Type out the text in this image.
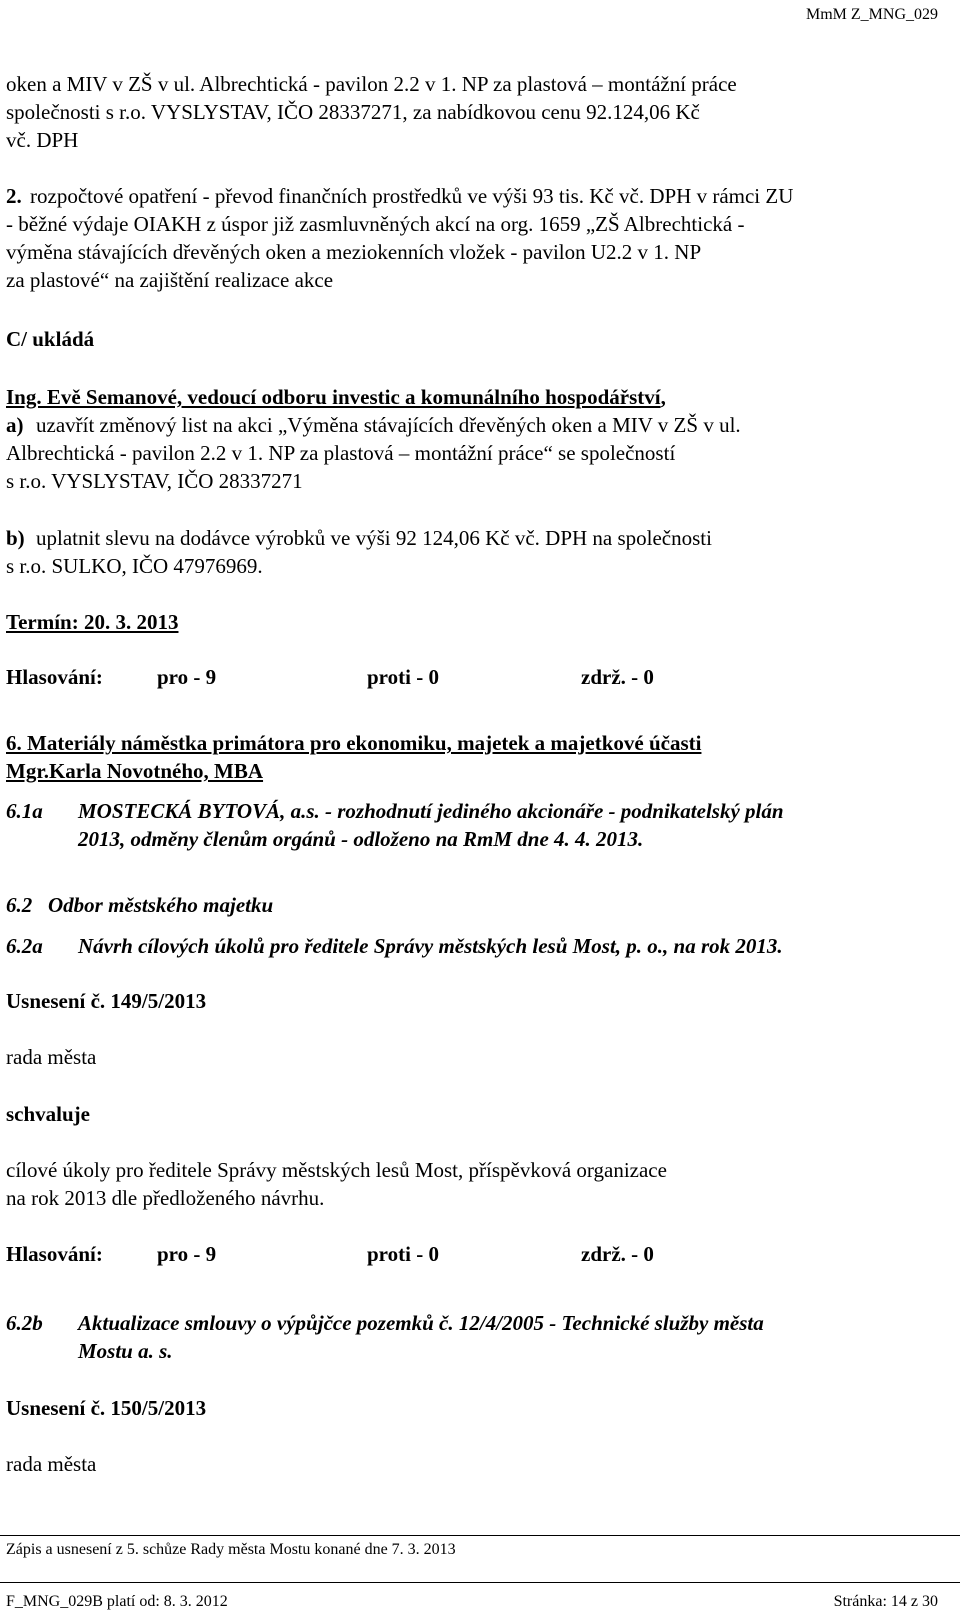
MmM Z_MNG_029
oken a MIV v ZŠ v ul. Albrechtická - pavilon 2.2 v 1. NP za plastová – montážní práce
společnosti s r.o. VYSLYSTAV, IČO 28337271, za nabídkovou cenu 92.124,06 Kč
vč. DPH
2. rozpočtové opatření - převod finančních prostředků ve výši 93 tis. Kč vč. DPH v rámci ZU
- běžné výdaje OIAKH z úspor již zasmluvněných akcí na org. 1659 „ZŠ Albrechtická -
výměna stávajících dřevěných oken a meziokenních vložek - pavilon U2.2 v 1. NP
za plastové“ na zajištění realizace akce
C/ ukládá
Ing. Evě Semanové, vedoucí odboru investic a komunálního hospodářství,
a) uzavřít změnový list na akci „Výměna stávajících dřevěných oken a MIV v ZŠ v ul.
Albrechtická - pavilon 2.2 v 1. NP za plastová – montážní práce“ se společností
s r.o. VYSLYSTAV, IČO 28337271
b) uplatnit slevu na dodávce výrobků ve výši 92 124,06 Kč vč. DPH na společnosti
s r.o. SULKO, IČO 47976969.
Termín: 20. 3. 2013
Hlasování:	pro - 9	proti - 0	zdrž. - 0
6. Materiály náměstka primátora pro ekonomiku, majetek a majetkové účasti
Mgr.Karla Novotného, MBA
6.1a MOSTECKÁ BYTOVÁ, a.s. - rozhodnutí jediného akcionáře - podnikatelský plán
2013, odměny členům orgánů - odloženo na RmM dne 4. 4. 2013.
6.2 Odbor městského majetku
6.2a Návrh cílových úkolů pro ředitele Správy městských lesů Most, p. o., na rok 2013.
Usnesení č. 149/5/2013
rada města
schvaluje
cílové úkoly pro ředitele Správy městských lesů Most, příspěvková organizace
na rok 2013 dle předloženého návrhu.
Hlasování:	pro - 9	proti - 0	zdrž. - 0
6.2b Aktualizace smlouvy o výpůjčce pozemků č. 12/4/2005 - Technické služby města
Mostu a. s.
Usnesení č. 150/5/2013
rada města
Zápis a usnesení z 5. schůze Rady města Mostu konané dne 7. 3. 2013
F_MNG_029B platí od: 8. 3. 2012	Stránka: 14 z 30
